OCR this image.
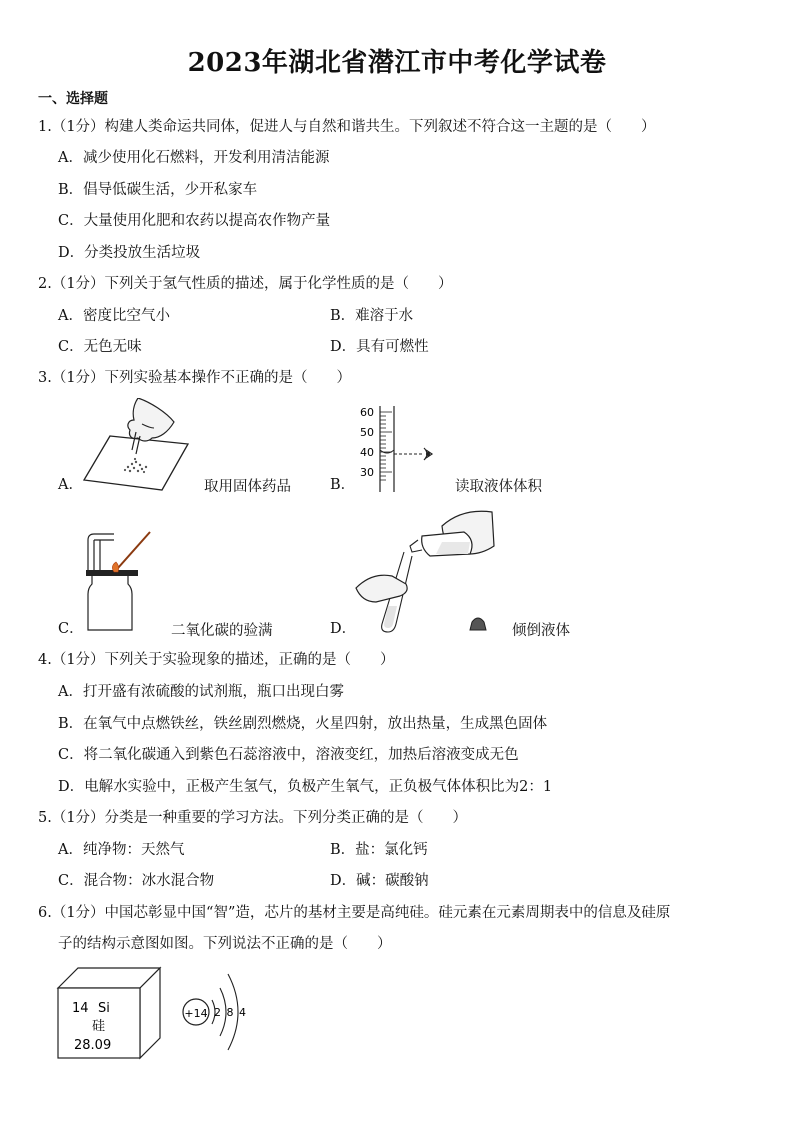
2023年湖北省潜江市中考化学试卷
一、选择题
1.（1分）构建人类命运共同体，促进人与自然和谐共生。下列叙述不符合这一主题的是（　　）
A．减少使用化石燃料，开发利用清洁能源
B．倡导低碳生活，少开私家车
C．大量使用化肥和农药以提高农作物产量
D．分类投放生活垃圾
2.（1分）下列关于氢气性质的描述，属于化学性质的是（　　）
A．密度比空气小	B．难溶于水
C．无色无味	D．具有可燃性
3.（1分）下列实验基本操作不正确的是（　　）
A．	取用固体药品	B．
60
50
40
30
读取液体体积
C．	二氧化碳的验满	D．	倾倒液体
4.（1分）下列关于实验现象的描述，正确的是（　　）
A．打开盛有浓硫酸的试剂瓶，瓶口出现白雾
B．在氧气中点燃铁丝，铁丝剧烈燃烧，火星四射，放出热量，生成黑色固体
C．将二氧化碳通入到紫色石蕊溶液中，溶液变红，加热后溶液变成无色
D．电解水实验中，正极产生氢气，负极产生氧气，正负极气体体积比为2：1
5.（1分）分类是一种重要的学习方法。下列分类正确的是（　　）
A．纯净物：天然气	B．盐：氯化钙
C．混合物：冰水混合物	D．碱：碳酸钠
6.（1分）中国芯彰显中国“智”造，芯片的基材主要是高纯硅。硅元素在元素周期表中的信息及硅原
子的结构示意图如图。下列说法不正确的是（　　）
14 Si
硅
28.09
+14 2 8 4
